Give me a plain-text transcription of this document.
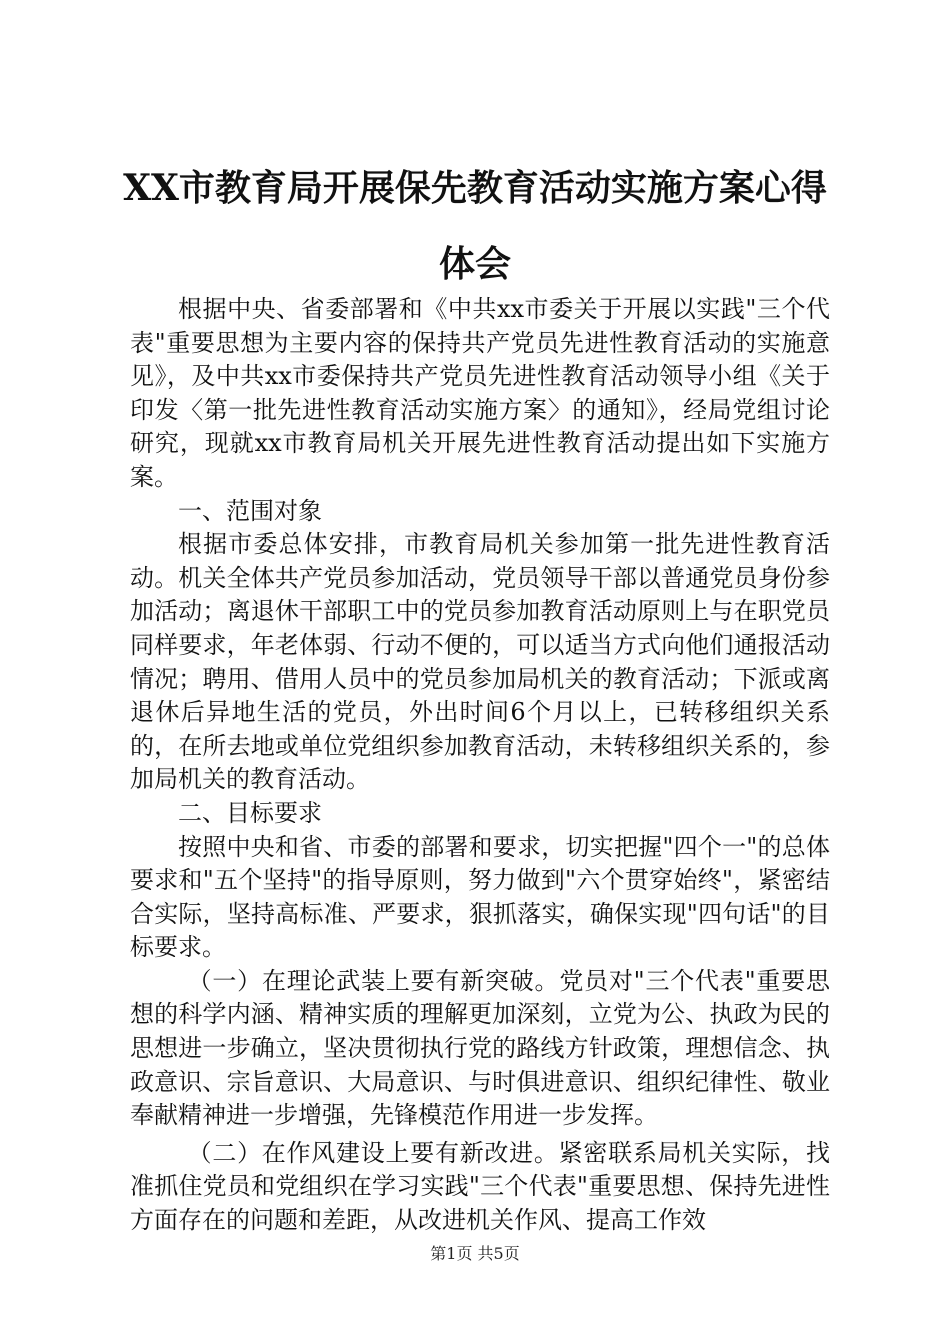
XX市教育局开展保先教育活动实施方案心得
体会

根据中央、省委部署和《中共xx市委关于开展以实践"三个代表"重要思想为主要内容的保持共产党员先进性教育活动的实施意见》，及中共xx市委保持共产党员先进性教育活动领导小组《关于印发〈第一批先进性教育活动实施方案〉的通知》，经局党组讨论研究，现就xx市教育局机关开展先进性教育活动提出如下实施方案。

一、范围对象

根据市委总体安排，市教育局机关参加第一批先进性教育活动。机关全体共产党员参加活动，党员领导干部以普通党员身份参加活动；离退休干部职工中的党员参加教育活动原则上与在职党员同样要求，年老体弱、行动不便的，可以适当方式向他们通报活动情况；聘用、借用人员中的党员参加局机关的教育活动；下派或离退休后异地生活的党员，外出时间6个月以上，已转移组织关系的，在所去地或单位党组织参加教育活动，未转移组织关系的，参加局机关的教育活动。

二、目标要求

按照中央和省、市委的部署和要求，切实把握"四个一"的总体要求和"五个坚持"的指导原则，努力做到"六个贯穿始终"，紧密结合实际，坚持高标准、严要求，狠抓落实，确保实现"四句话"的目标要求。

（一）在理论武装上要有新突破。党员对"三个代表"重要思想的科学内涵、精神实质的理解更加深刻，立党为公、执政为民的思想进一步确立，坚决贯彻执行党的路线方针政策，理想信念、执政意识、宗旨意识、大局意识、与时俱进意识、组织纪律性、敬业奉献精神进一步增强，先锋模范作用进一步发挥。

（二）在作风建设上要有新改进。紧密联系局机关实际，找准抓住党员和党组织在学习实践"三个代表"重要思想、保持先进性方面存在的问题和差距，从改进机关作风、提高工作效

第1页 共5页
